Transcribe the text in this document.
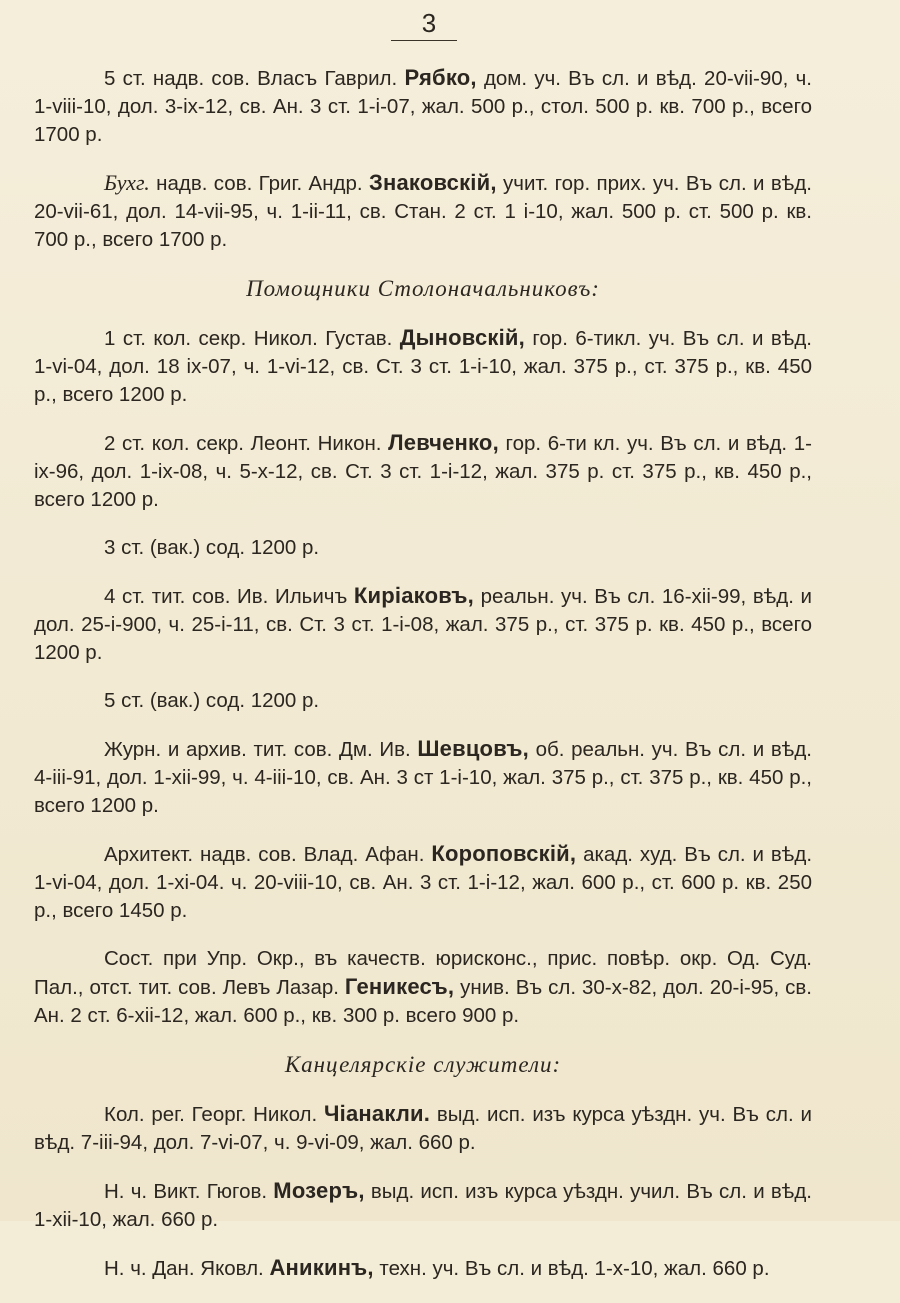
3

5 ст. надв. сов. Власъ Гаврил. Рябко, дом. уч. Въ сл. и вѣд. 20-vii-90, ч. 1-viii-10, дол. 3-ix-12, св. Ан. 3 ст. 1-i-07, жал. 500 р., стол. 500 р. кв. 700 р., всего 1700 р.

Бухг. надв. сов. Григ. Андр. Знаковскій, учит. гор. прих. уч. Въ сл. и вѣд. 20-vii-61, дол. 14-vii-95, ч. 1-ii-11, св. Стан. 2 ст. 1 i-10, жал. 500 р. ст. 500 р. кв. 700 р., всего 1700 р.

Помощники Столоначальниковъ:

1 ст. кол. секр. Никол. Густав. Дыновскій, гор. 6-тикл. уч. Въ сл. и вѣд. 1-vi-04, дол. 18 ix-07, ч. 1-vi-12, св. Ст. 3 ст. 1-i-10, жал. 375 р., ст. 375 р., кв. 450 р., всего 1200 р.

2 ст. кол. секр. Леонт. Никон. Левченко, гор. 6-ти кл. уч. Въ сл. и вѣд. 1-ix-96, дол. 1-ix-08, ч. 5-x-12, св. Ст. 3 ст. 1-i-12, жал. 375 р. ст. 375 р., кв. 450 р., всего 1200 р.

3 ст. (вак.) сод. 1200 р.

4 ст. тит. сов. Ив. Ильичъ Киріаковъ, реальн. уч. Въ сл. 16-xii-99, вѣд. и дол. 25-i-900, ч. 25-i-11, св. Ст. 3 ст. 1-i-08, жал. 375 р., ст. 375 р. кв. 450 р., всего 1200 р.

5 ст. (вак.) сод. 1200 р.

Журн. и архив. тит. сов. Дм. Ив. Шевцовъ, об. реальн. уч. Въ сл. и вѣд. 4-iii-91, дол. 1-xii-99, ч. 4-iii-10, св. Ан. 3 ст 1-i-10, жал. 375 р., ст. 375 р., кв. 450 р., всего 1200 р.

Архитект. надв. сов. Влад. Афан. Короповскій, акад. худ. Въ сл. и вѣд. 1-vi-04, дол. 1-xi-04. ч. 20-viii-10, св. Ан. 3 ст. 1-i-12, жал. 600 р., ст. 600 р. кв. 250 р., всего 1450 р.

Сост. при Упр. Окр., въ качеств. юрисконс., прис. повѣр. окр. Од. Суд. Пал., отст. тит. сов. Левъ Лазар. Геникесъ, унив. Въ сл. 30-x-82, дол. 20-i-95, св. Ан. 2 ст. 6-xii-12, жал. 600 р., кв. 300 р. всего 900 р.

Канцелярскіе служители:

Кол. рег. Георг. Никол. Чіанакли. выд. исп. изъ курса уѣздн. уч. Въ сл. и вѣд. 7-iii-94, дол. 7-vi-07, ч. 9-vi-09, жал. 660 р.

Н. ч. Викт. Гюгов. Мозеръ, выд. исп. изъ курса уѣздн. учил. Въ сл. и вѣд. 1-xii-10, жал. 660 р.

Н. ч. Дан. Яковл. Аникинъ, техн. уч. Въ сл. и вѣд. 1-x-10, жал. 660 р.
